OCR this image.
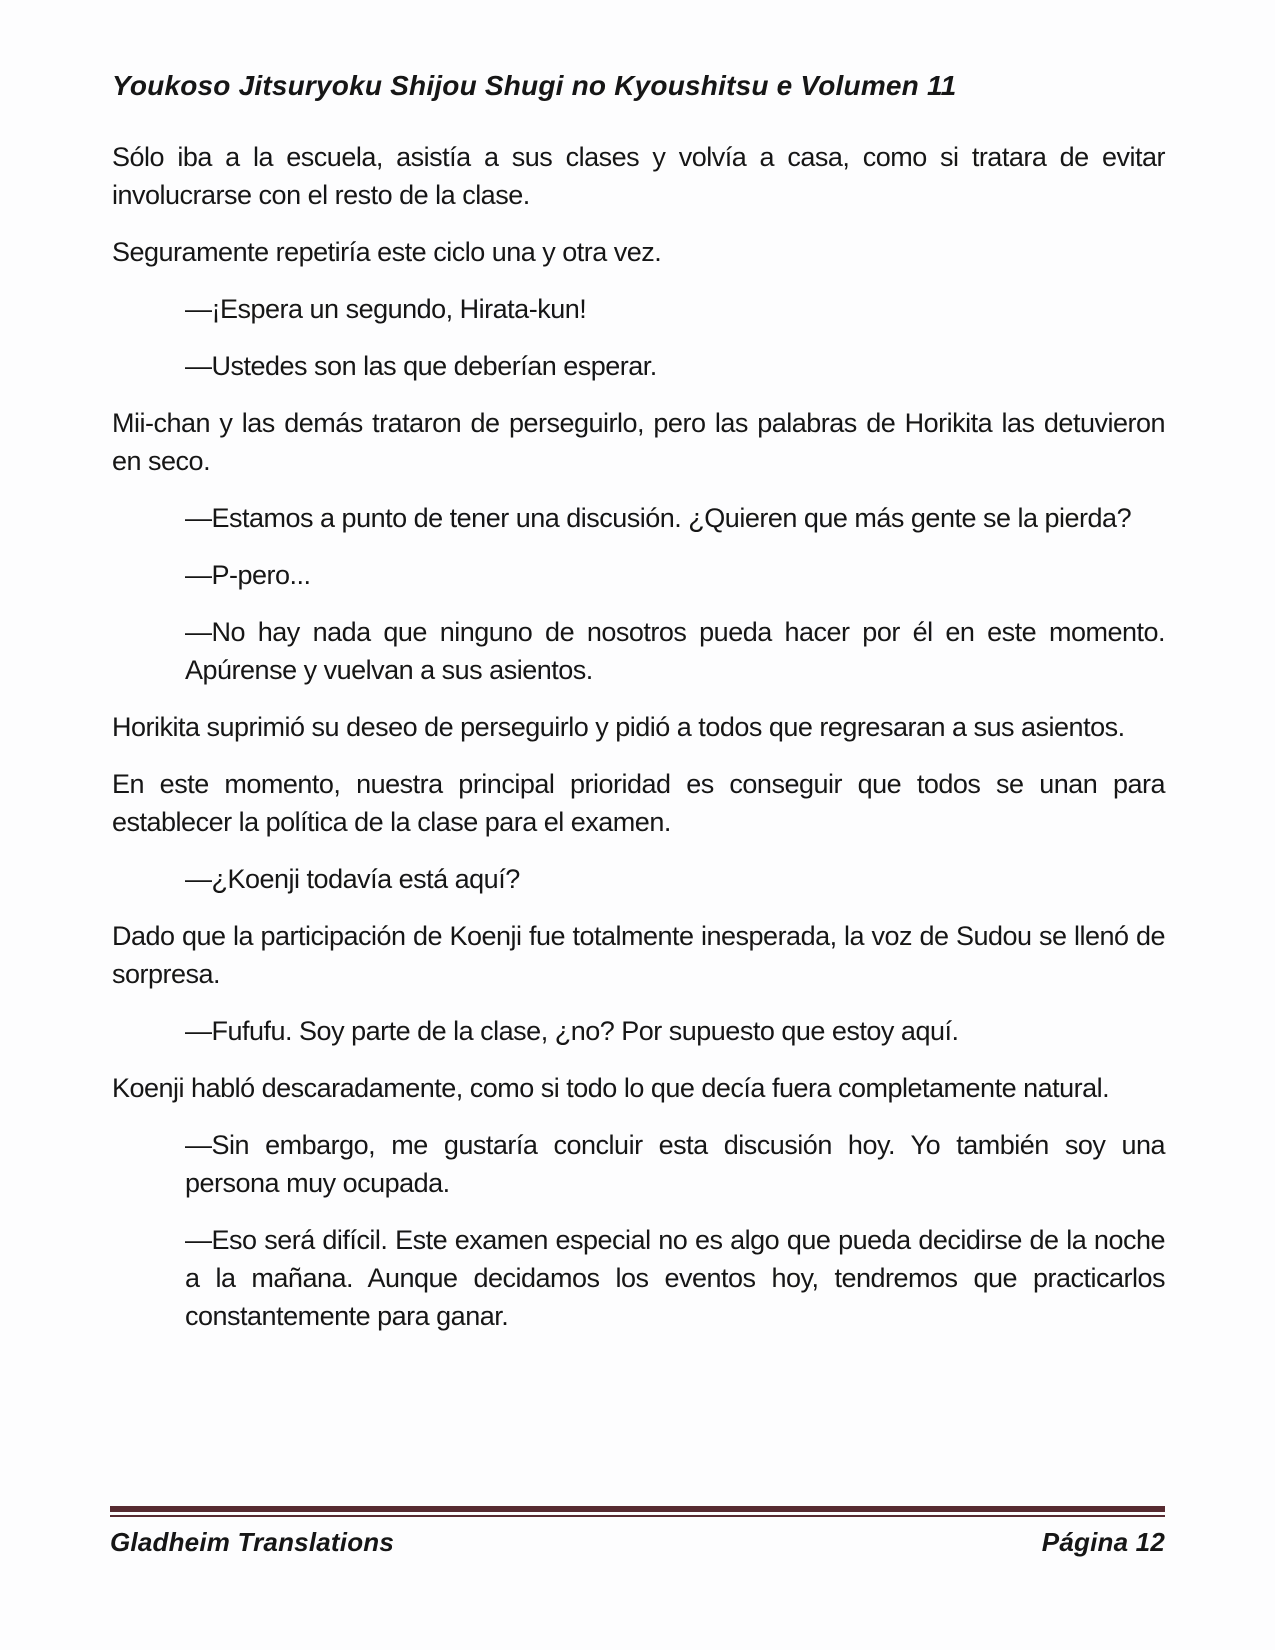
Youkoso Jitsuryoku Shijou Shugi no Kyoushitsu e Volumen 11

Sólo iba a la escuela, asistía a sus clases y volvía a casa, como si tratara de evitar involucrarse con el resto de la clase.

Seguramente repetiría este ciclo una y otra vez.

—¡Espera un segundo, Hirata-kun!

—Ustedes son las que deberían esperar.

Mii-chan y las demás trataron de perseguirlo, pero las palabras de Horikita las detuvieron en seco.

—Estamos a punto de tener una discusión. ¿Quieren que más gente se la pierda?

—P-pero...

—No hay nada que ninguno de nosotros pueda hacer por él en este momento. Apúrense y vuelvan a sus asientos.

Horikita suprimió su deseo de perseguirlo y pidió a todos que regresaran a sus asientos.

En este momento, nuestra principal prioridad es conseguir que todos se unan para establecer la política de la clase para el examen.

—¿Koenji todavía está aquí?

Dado que la participación de Koenji fue totalmente inesperada, la voz de Sudou se llenó de sorpresa.

—Fufufu. Soy parte de la clase, ¿no? Por supuesto que estoy aquí.

Koenji habló descaradamente, como si todo lo que decía fuera completamente natural.

—Sin embargo, me gustaría concluir esta discusión hoy. Yo también soy una persona muy ocupada.

—Eso será difícil. Este examen especial no es algo que pueda decidirse de la noche a la mañana. Aunque decidamos los eventos hoy, tendremos que practicarlos constantemente para ganar.

Gladheim Translations	Página 12
